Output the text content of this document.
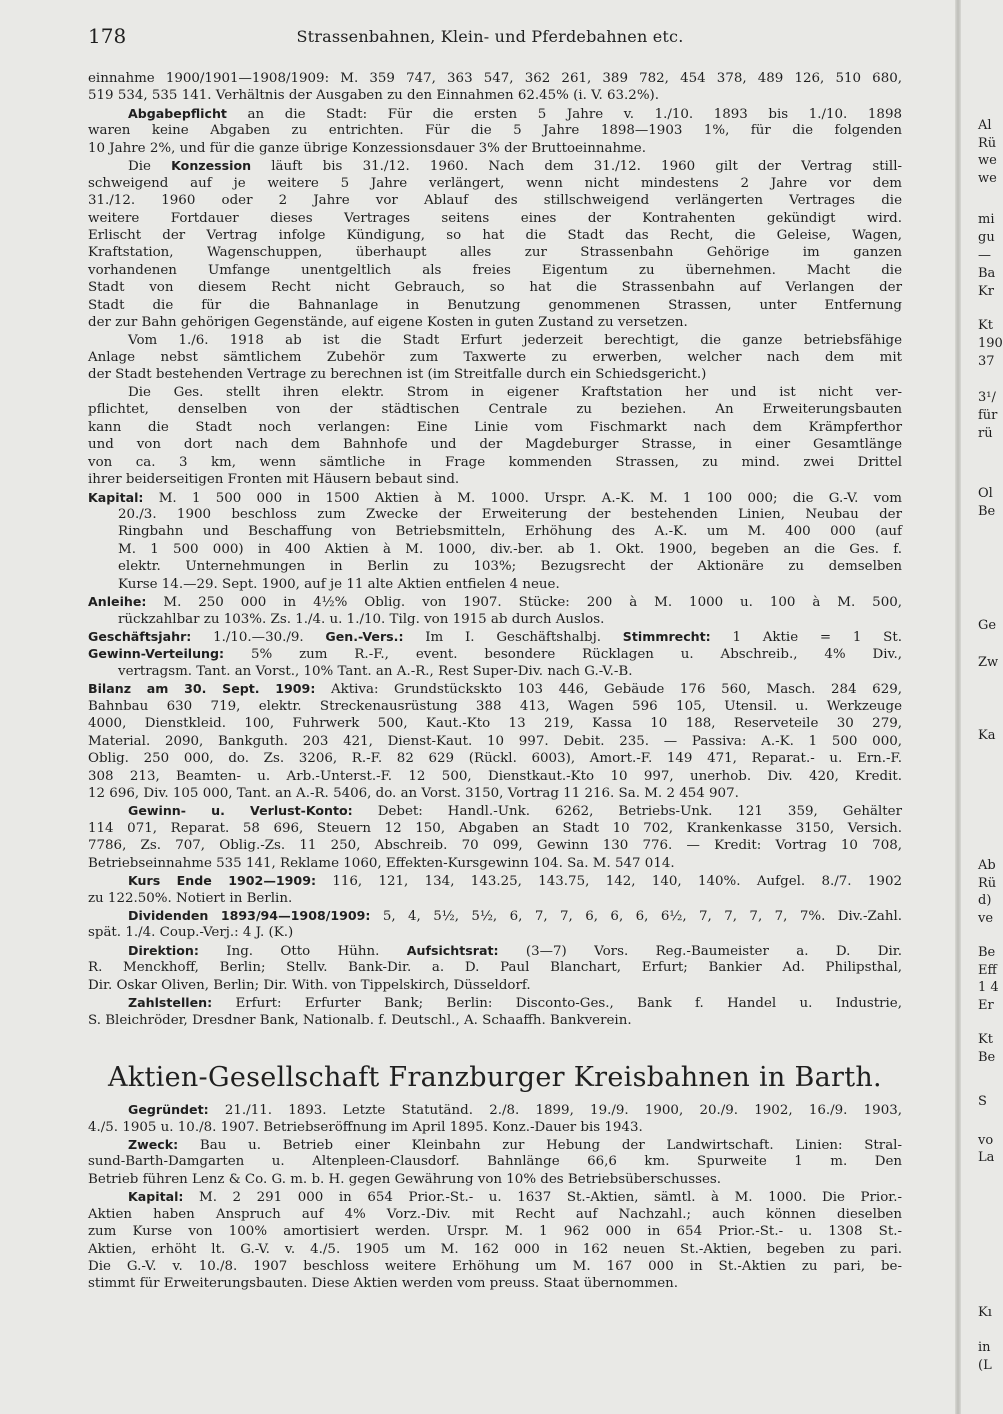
178	Strassenbahnen, Klein- und Pferdebahnen etc.
einnahme 1900/1901—1908/1909: M. 359 747, 363 547, 362 261, 389 782, 454 378, 489 126, 510 680,
519 534, 535 141. Verhältnis der Ausgaben zu den Einnahmen 62.45% (i. V. 63.2%).
Abgabepflicht an die Stadt: Für die ersten 5 Jahre v. 1./10. 1893 bis 1./10. 1898
waren keine Abgaben zu entrichten. Für die 5 Jahre 1898—1903 1%, für die folgenden
10 Jahre 2%, und für die ganze übrige Konzessionsdauer 3% der Bruttoeinnahme.
Die Konzession läuft bis 31./12. 1960. Nach dem 31./12. 1960 gilt der Vertrag still-
schweigend auf je weitere 5 Jahre verlängert, wenn nicht mindestens 2 Jahre vor dem
31./12. 1960 oder 2 Jahre vor Ablauf des stillschweigend verlängerten Vertrages die
weitere Fortdauer dieses Vertrages seitens eines der Kontrahenten gekündigt wird.
Erlischt der Vertrag infolge Kündigung, so hat die Stadt das Recht, die Geleise, Wagen,
Kraftstation, Wagenschuppen, überhaupt alles zur Strassenbahn Gehörige im ganzen
vorhandenen Umfange unentgeltlich als freies Eigentum zu übernehmen. Macht die
Stadt von diesem Recht nicht Gebrauch, so hat die Strassenbahn auf Verlangen der
Stadt die für die Bahnanlage in Benutzung genommenen Strassen, unter Entfernung
der zur Bahn gehörigen Gegenstände, auf eigene Kosten in guten Zustand zu versetzen.
Vom 1./6. 1918 ab ist die Stadt Erfurt jederzeit berechtigt, die ganze betriebsfähige
Anlage nebst sämtlichem Zubehör zum Taxwerte zu erwerben, welcher nach dem mit
der Stadt bestehenden Vertrage zu berechnen ist (im Streitfalle durch ein Schiedsgericht.)
Die Ges. stellt ihren elektr. Strom in eigener Kraftstation her und ist nicht ver-
pflichtet, denselben von der städtischen Centrale zu beziehen. An Erweiterungsbauten
kann die Stadt noch verlangen: Eine Linie vom Fischmarkt nach dem Krämpferthor
und von dort nach dem Bahnhofe und der Magdeburger Strasse, in einer Gesamtlänge
von ca. 3 km, wenn sämtliche in Frage kommenden Strassen, zu mind. zwei Drittel
ihrer beiderseitigen Fronten mit Häusern bebaut sind.
Kapital: M. 1 500 000 in 1500 Aktien à M. 1000. Urspr. A.-K. M. 1 100 000; die G.-V. vom
20./3. 1900 beschloss zum Zwecke der Erweiterung der bestehenden Linien, Neubau der
Ringbahn und Beschaffung von Betriebsmitteln, Erhöhung des A.-K. um M. 400 000 (auf
M. 1 500 000) in 400 Aktien à M. 1000, div.-ber. ab 1. Okt. 1900, begeben an die Ges. f.
elektr. Unternehmungen in Berlin zu 103%; Bezugsrecht der Aktionäre zu demselben
Kurse 14.—29. Sept. 1900, auf je 11 alte Aktien entfielen 4 neue.
Anleihe: M. 250 000 in 4½% Oblig. von 1907. Stücke: 200 à M. 1000 u. 100 à M. 500,
rückzahlbar zu 103%. Zs. 1./4. u. 1./10. Tilg. von 1915 ab durch Auslos.
Geschäftsjahr: 1./10.—30./9. Gen.-Vers.: Im I. Geschäftshalbj. Stimmrecht: 1 Aktie = 1 St.
Gewinn-Verteilung: 5% zum R.-F., event. besondere Rücklagen u. Abschreib., 4% Div.,
vertragsm. Tant. an Vorst., 10% Tant. an A.-R., Rest Super-Div. nach G.-V.-B.
Bilanz am 30. Sept. 1909: Aktiva: Grundstückskto 103 446, Gebäude 176 560, Masch. 284 629,
Bahnbau 630 719, elektr. Streckenausrüstung 388 413, Wagen 596 105, Utensil. u. Werkzeuge
4000, Dienstkleid. 100, Fuhrwerk 500, Kaut.-Kto 13 219, Kassa 10 188, Reserveteile 30 279,
Material. 2090, Bankguth. 203 421, Dienst-Kaut. 10 997. Debit. 235. — Passiva: A.-K. 1 500 000,
Oblig. 250 000, do. Zs. 3206, R.-F. 82 629 (Rückl. 6003), Amort.-F. 149 471, Reparat.- u. Ern.-F.
308 213, Beamten- u. Arb.-Unterst.-F. 12 500, Dienstkaut.-Kto 10 997, unerhob. Div. 420, Kredit.
12 696, Div. 105 000, Tant. an A.-R. 5406, do. an Vorst. 3150, Vortrag 11 216. Sa. M. 2 454 907.
Gewinn- u. Verlust-Konto: Debet: Handl.-Unk. 6262, Betriebs-Unk. 121 359, Gehälter
114 071, Reparat. 58 696, Steuern 12 150, Abgaben an Stadt 10 702, Krankenkasse 3150, Versich.
7786, Zs. 707, Oblig.-Zs. 11 250, Abschreib. 70 099, Gewinn 130 776. — Kredit: Vortrag 10 708,
Betriebseinnahme 535 141, Reklame 1060, Effekten-Kursgewinn 104. Sa. M. 547 014.
Kurs Ende 1902—1909: 116, 121, 134, 143.25, 143.75, 142, 140, 140%. Aufgel. 8./7. 1902
zu 122.50%. Notiert in Berlin.
Dividenden 1893/94—1908/1909: 5, 4, 5½, 5½, 6, 7, 7, 6, 6, 6, 6½, 7, 7, 7, 7, 7%. Div.-Zahl.
spät. 1./4. Coup.-Verj.: 4 J. (K.)
Direktion: Ing. Otto Hühn. Aufsichtsrat: (3—7) Vors. Reg.-Baumeister a. D. Dir.
R. Menckhoff, Berlin; Stellv. Bank-Dir. a. D. Paul Blanchart, Erfurt; Bankier Ad. Philipsthal,
Dir. Oskar Oliven, Berlin; Dir. With. von Tippelskirch, Düsseldorf.
Zahlstellen: Erfurt: Erfurter Bank; Berlin: Disconto-Ges., Bank f. Handel u. Industrie,
S. Bleichröder, Dresdner Bank, Nationalb. f. Deutschl., A. Schaaffh. Bankverein.
Aktien-Gesellschaft Franzburger Kreisbahnen in Barth.
Gegründet: 21./11. 1893. Letzte Statutänd. 2./8. 1899, 19./9. 1900, 20./9. 1902, 16./9. 1903,
4./5. 1905 u. 10./8. 1907. Betriebseröffnung im April 1895. Konz.-Dauer bis 1943.
Zweck: Bau u. Betrieb einer Kleinbahn zur Hebung der Landwirtschaft. Linien: Stral-
sund-Barth-Damgarten u. Altenpleen-Clausdorf. Bahnlänge 66,6 km. Spurweite 1 m. Den
Betrieb führen Lenz & Co. G. m. b. H. gegen Gewährung von 10% des Betriebsüberschusses.
Kapital: M. 2 291 000 in 654 Prior.-St.- u. 1637 St.-Aktien, sämtl. à M. 1000. Die Prior.-
Aktien haben Anspruch auf 4% Vorz.-Div. mit Recht auf Nachzahl.; auch können dieselben
zum Kurse von 100% amortisiert werden. Urspr. M. 1 962 000 in 654 Prior.-St.- u. 1308 St.-
Aktien, erhöht lt. G.-V. v. 4./5. 1905 um M. 162 000 in 162 neuen St.-Aktien, begeben zu pari.
Die G.-V. v. 10./8. 1907 beschloss weitere Erhöhung um M. 167 000 in St.-Aktien zu pari, be-
stimmt für Erweiterungsbauten. Diese Aktien werden vom preuss. Staat übernommen.
Al
Rü
we
we
mi
gu
—
Ba
Kr
Kt
190
37
3¹/
für
rü
Ol
Be
Ge
Zw
Ka
Ab
Rü
d)
ve
Be
Eff
1 4
Er
Kt
Be
S
vo
La
Kı
in
(L
